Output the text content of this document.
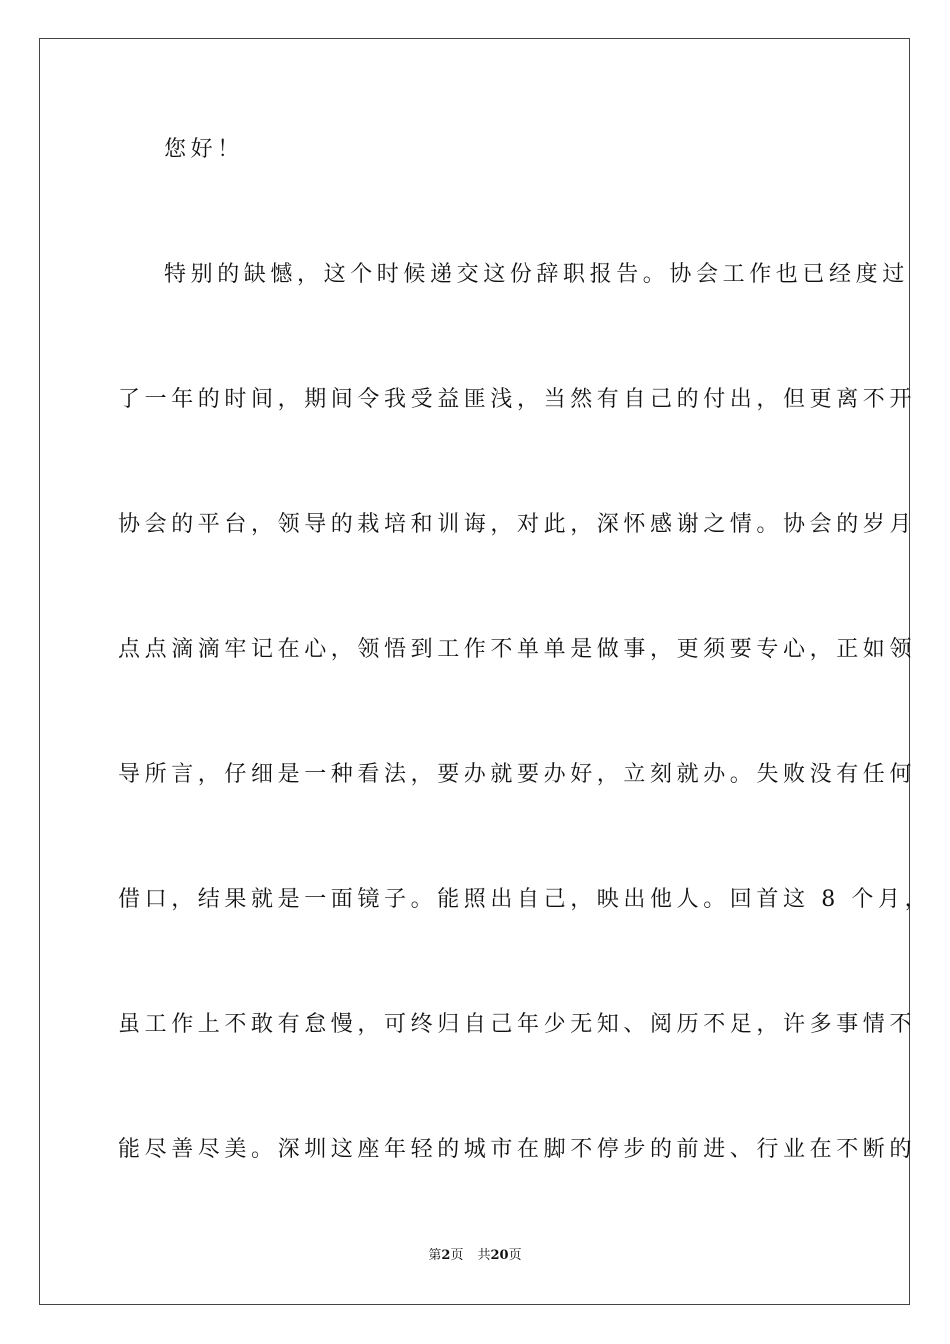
您好！
特别的缺憾，这个时候递交这份辞职报告。协会工作也已经度过
了一年的时间，期间令我受益匪浅，当然有自己的付出，但更离不开
协会的平台，领导的栽培和训诲，对此，深怀感谢之情。协会的岁月
点点滴滴牢记在心，领悟到工作不单单是做事，更须要专心，正如领
导所言，仔细是一种看法，要办就要办好，立刻就办。失败没有任何
借口，结果就是一面镜子。能照出自己，映出他人。回首这 8 个月，
虽工作上不敢有怠慢，可终归自己年少无知、阅历不足，许多事情不
能尽善尽美。深圳这座年轻的城市在脚不停步的前进、行业在不断的
第2页 共20页
